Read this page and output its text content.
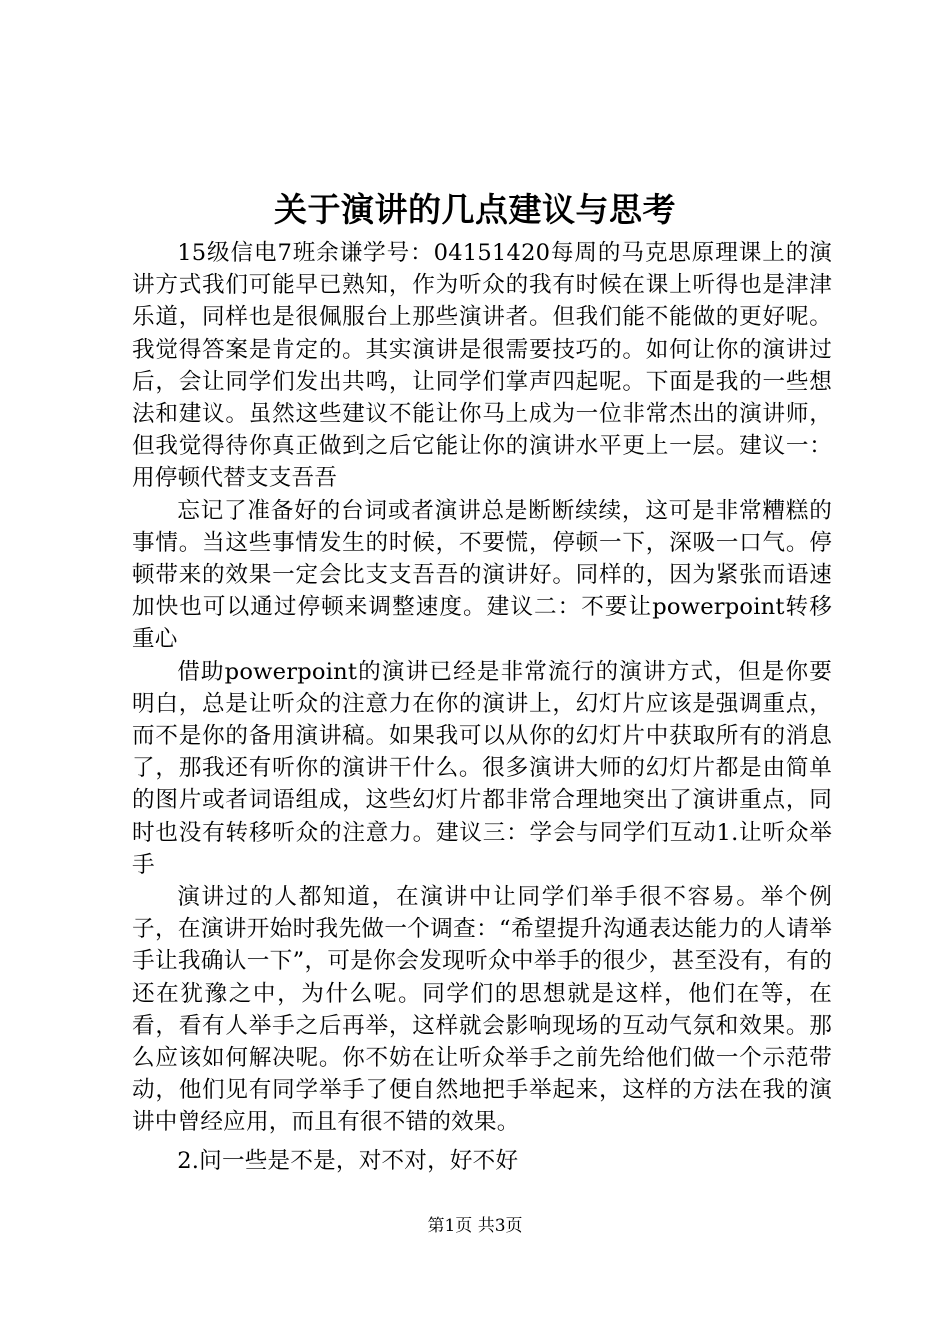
关于演讲的几点建议与思考

15级信电7班余谦学号：04151420每周的马克思原理课上的演讲方式我们可能早已熟知，作为听众的我有时候在课上听得也是津津乐道，同样也是很佩服台上那些演讲者。但我们能不能做的更好呢。我觉得答案是肯定的。其实演讲是很需要技巧的。如何让你的演讲过后，会让同学们发出共鸣，让同学们掌声四起呢。下面是我的一些想法和建议。虽然这些建议不能让你马上成为一位非常杰出的演讲师，但我觉得待你真正做到之后它能让你的演讲水平更上一层。建议一：用停顿代替支支吾吾

忘记了准备好的台词或者演讲总是断断续续，这可是非常糟糕的事情。当这些事情发生的时候，不要慌，停顿一下，深吸一口气。停顿带来的效果一定会比支支吾吾的演讲好。同样的，因为紧张而语速加快也可以通过停顿来调整速度。建议二：不要让powerpoint转移重心

借助powerpoint的演讲已经是非常流行的演讲方式，但是你要明白，总是让听众的注意力在你的演讲上，幻灯片应该是强调重点，而不是你的备用演讲稿。如果我可以从你的幻灯片中获取所有的消息了，那我还有听你的演讲干什么。很多演讲大师的幻灯片都是由简单的图片或者词语组成，这些幻灯片都非常合理地突出了演讲重点，同时也没有转移听众的注意力。建议三：学会与同学们互动1.让听众举手

演讲过的人都知道，在演讲中让同学们举手很不容易。举个例子，在演讲开始时我先做一个调查：“希望提升沟通表达能力的人请举手让我确认一下”，可是你会发现听众中举手的很少，甚至没有，有的还在犹豫之中，为什么呢。同学们的思想就是这样，他们在等，在看，看有人举手之后再举，这样就会影响现场的互动气氛和效果。那么应该如何解决呢。你不妨在让听众举手之前先给他们做一个示范带动，他们见有同学举手了便自然地把手举起来，这样的方法在我的演讲中曾经应用，而且有很不错的效果。

2.问一些是不是，对不对，好不好

第1页 共3页
